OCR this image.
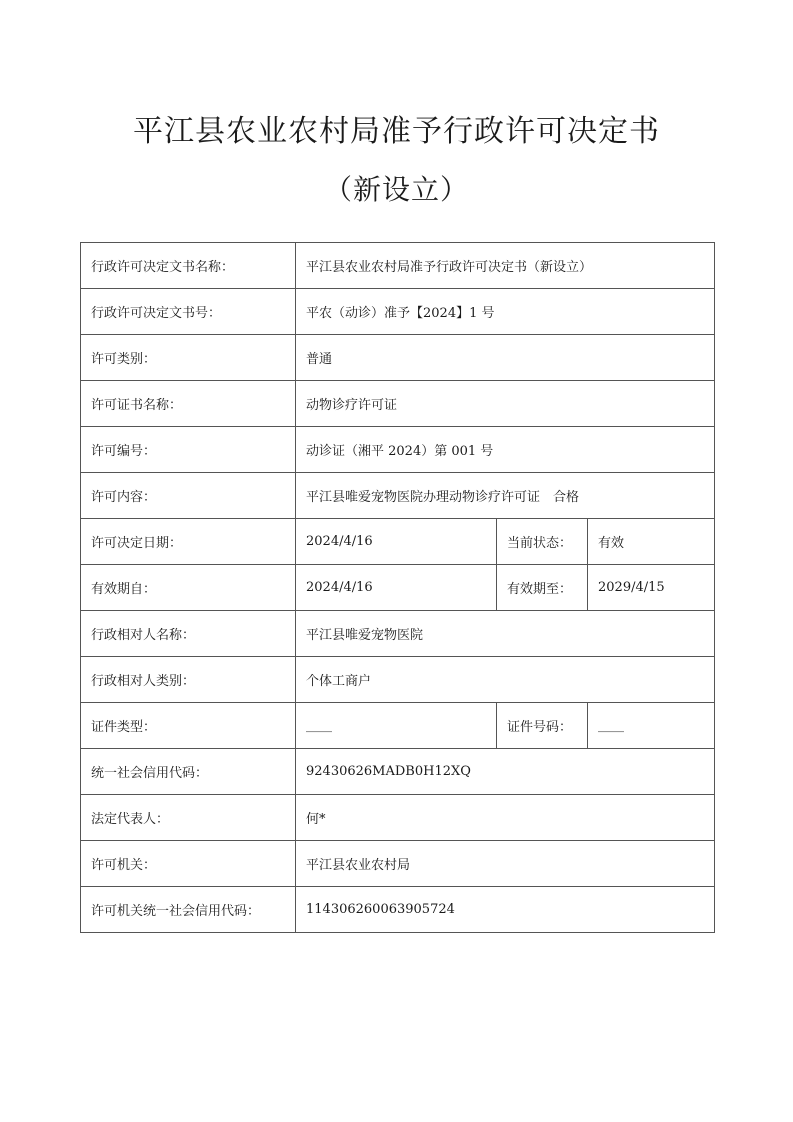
平江县农业农村局准予行政许可决定书
（新设立）
行政许可决定文书名称：	平江县农业农村局准予行政许可决定书（新设立）		
行政许可决定文书号：	平农（动诊）准予【2024】1 号		
许可类别：	普通		
许可证书名称：	动物诊疗许可证		
许可编号：	动诊证（湘平 2024）第 001 号		
许可内容：	平江县唯爱宠物医院办理动物诊疗许可证　合格		
许可决定日期：	2024/4/16	当前状态：	有效
有效期自：	2024/4/16	有效期至：	2029/4/15
行政相对人名称：	平江县唯爱宠物医院		
行政相对人类别：	个体工商户		
证件类型：	____	证件号码：	____
统一社会信用代码：	92430626MADB0H12XQ		
法定代表人：	何*		
许可机关：	平江县农业农村局		
许可机关统一社会信用代码：	114306260063905724		
